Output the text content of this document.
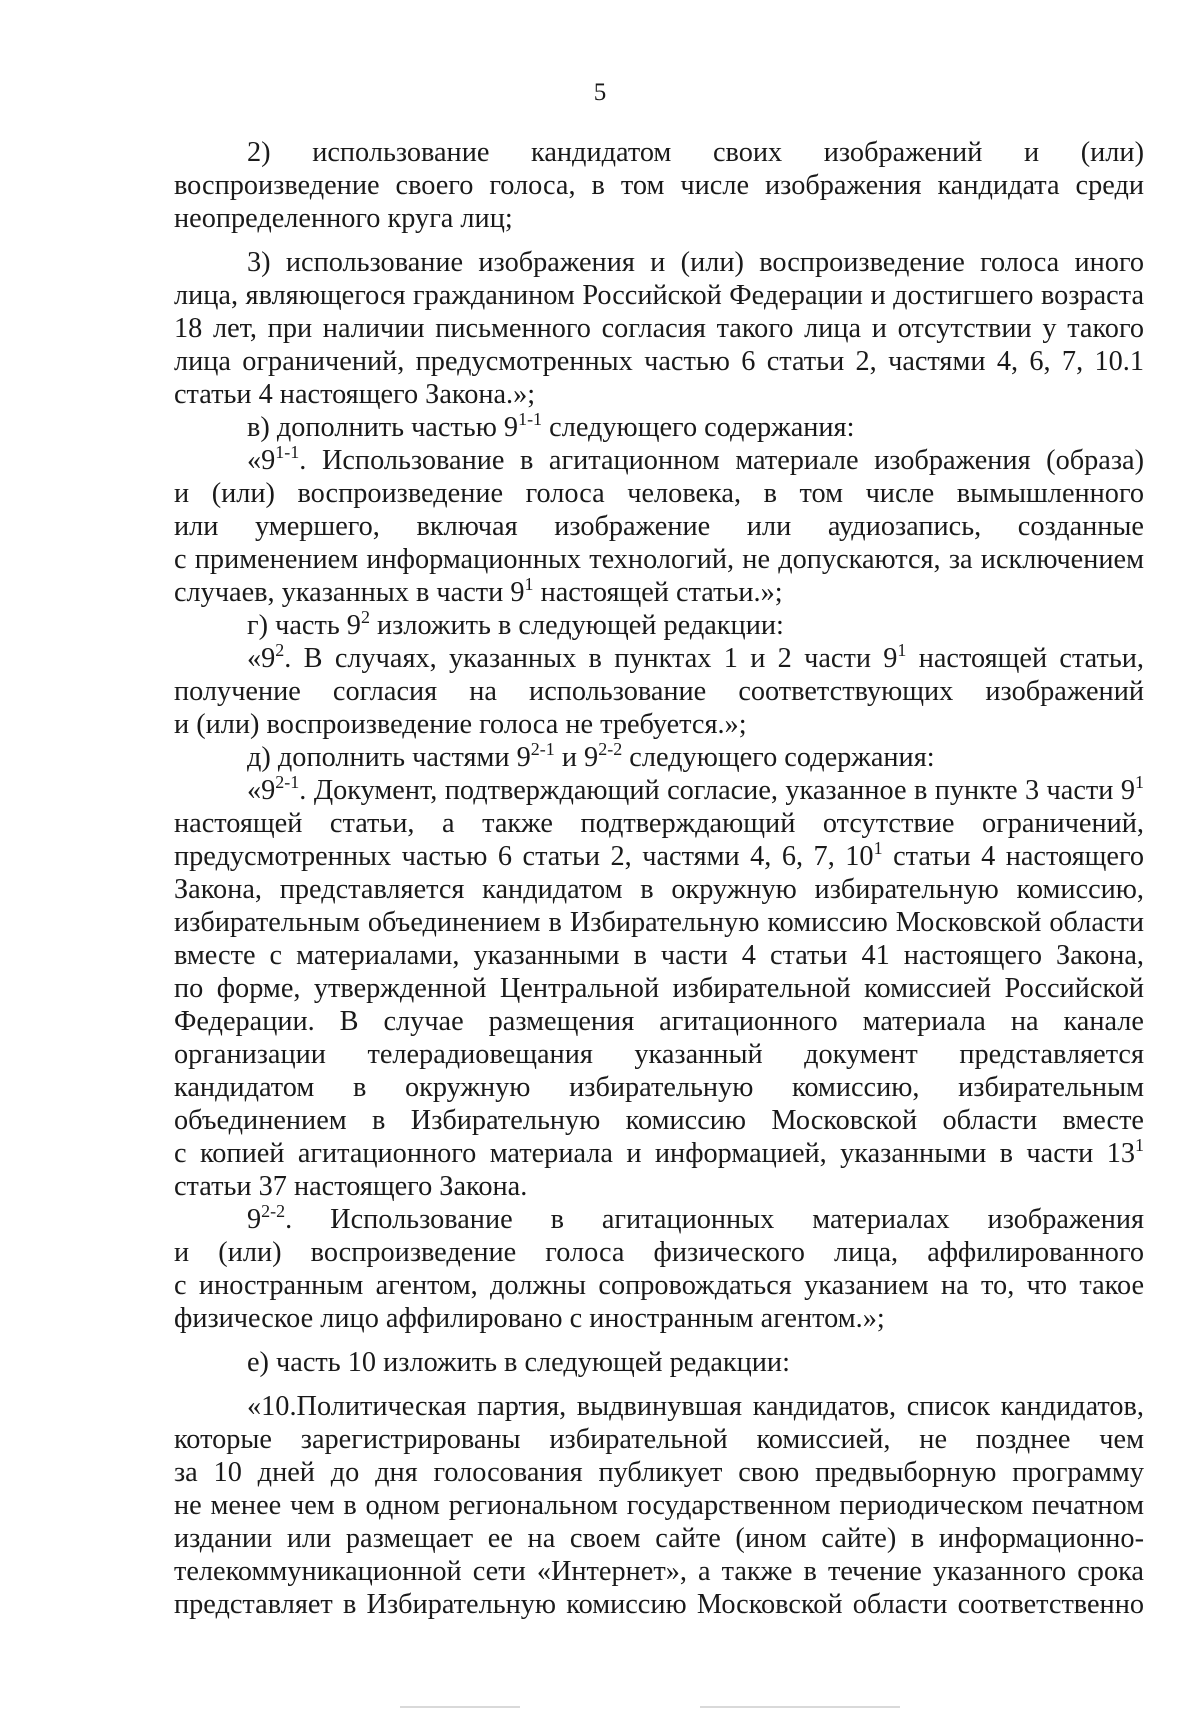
5
2) использование кандидатом своих изображений и (или)
воспроизведение своего голоса, в том числе изображения кандидата среди
неопределенного круга лиц;
3) использование изображения и (или) воспроизведение голоса иного
лица, являющегося гражданином Российской Федерации и достигшего возраста
18 лет, при наличии письменного согласия такого лица и отсутствии у такого
лица ограничений, предусмотренных частью 6 статьи 2, частями 4, 6, 7, 10.1
статьи 4 настоящего Закона.»;
в) дополнить частью 9$^{1-1}$ следующего содержания:
«9$^{1-1}$. Использование в агитационном материале изображения (образа)
и (или) воспроизведение голоса человека, в том числе вымышленного
или умершего, включая изображение или аудиозапись, созданные
с применением информационных технологий, не допускаются, за исключением
случаев, указанных в части $9^1$ настоящей статьи.»;
г) часть $9^2$ изложить в следующей редакции:
«$9^2$. В случаях, указанных в пунктах 1 и 2 части $9^1$ настоящей статьи,
получение согласия на использование соответствующих изображений
и (или) воспроизведение голоса не требуется.»;
д) дополнить частями 9$^{2-1}$ и 9$^{2-2}$ следующего содержания:
«9$^{2-1}$. Документ, подтверждающий согласие, указанное в пункте 3 части $9^1$
настоящей статьи, а также подтверждающий отсутствие ограничений,
предусмотренных частью 6 статьи 2, частями 4, 6, 7, $10^1$ статьи 4 настоящего
Закона, представляется кандидатом в окружную избирательную комиссию,
избирательным объединением в Избирательную комиссию Московской области
вместе с материалами, указанными в части 4 статьи 41 настоящего Закона,
по форме, утвержденной Центральной избирательной комиссией Российской
Федерации. В случае размещения агитационного материала на канале
организации телерадиовещания указанный документ представляется
кандидатом в окружную избирательную комиссию, избирательным
объединением в Избирательную комиссию Московской области вместе
с копией агитационного материала и информацией, указанными в части $13^1$
статьи 37 настоящего Закона.
9$^{2-2}$. Использование в агитационных материалах изображения
и (или) воспроизведение голоса физического лица, аффилированного
с иностранным агентом, должны сопровождаться указанием на то, что такое
физическое лицо аффилировано с иностранным агентом.»;
е) часть 10 изложить в следующей редакции:
«10.Политическая партия, выдвинувшая кандидатов, список кандидатов,
которые зарегистрированы избирательной комиссией, не позднее чем
за 10 дней до дня голосования публикует свою предвыборную программу
не менее чем в одном региональном государственном периодическом печатном
издании или размещает ее на своем сайте (ином сайте) в информационно-
телекоммуникационной сети «Интернет», а также в течение указанного срока
представляет в Избирательную комиссию Московской области соответственно
